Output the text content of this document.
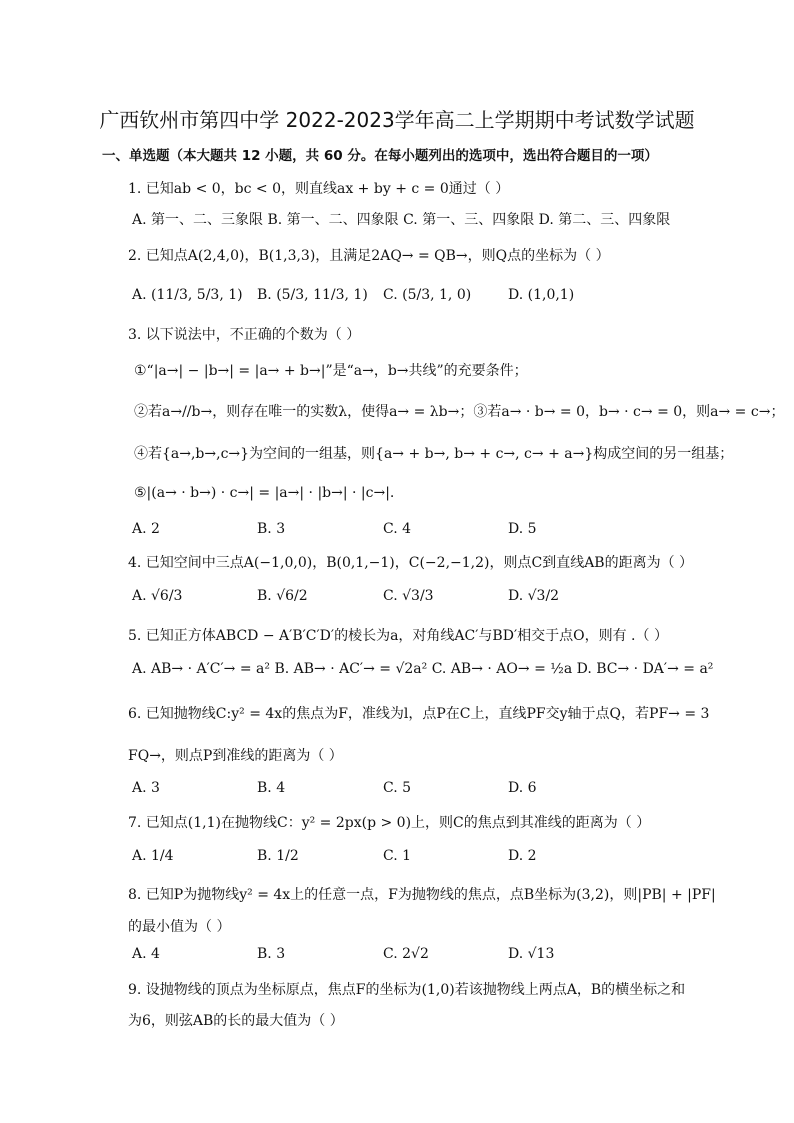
广西钦州市第四中学 2022-2023学年高二上学期期中考试数学试题
一、单选题（本大题共 12 小题，共 60 分。在每小题列出的选项中，选出符合题目的一项）
1. 已知ab < 0，bc < 0，则直线ax + by + c = 0通过（ ）
A. 第一、二、三象限 B. 第一、二、四象限 C. 第一、三、四象限 D. 第二、三、四象限
2. 已知点A(2,4,0)，B(1,3,3)，且满足2AQ→ = QB→，则Q点的坐标为（ ）
A. (11/3, 5/3, 1) B. (5/3, 11/3, 1) C. (5/3, 1, 0)	D. (1,0,1)
3. 以下说法中，不正确的个数为（ ）
①“|a→| − |b→| = |a→ + b→|”是“a→，b→共线”的充要条件；
②若a→//b→，则存在唯一的实数λ，使得a→ = λb→；③若a→ · b→ = 0，b→ · c→ = 0，则a→ = c→；
④若{a→,b→,c→}为空间的一组基，则{a→ + b→, b→ + c→, c→ + a→}构成空间的另一组基；
⑤|(a→ · b→) · c→| = |a→| · |b→| · |c→|.
A. 2	B. 3	C. 4	D. 5
4. 已知空间中三点A(−1,0,0)，B(0,1,−1)，C(−2,−1,2)，则点C到直线AB的距离为（ ）
A. √6/3	B. √6/2	C. √3/3	D. √3/2
5. 已知正方体ABCD − A′B′C′D′的棱长为a，对角线AC′与BD′相交于点O，则有 .（ ）
A. AB→ · A′C′→ = a² B. AB→ · AC′→ = √2a² C. AB→ · AO→ = ½a D. BC→ · DA′→ = a²
6. 已知抛物线C:y² = 4x的焦点为F，准线为l，点P在C上，直线PF交y轴于点Q，若PF→ = 3
FQ→，则点P到准线的距离为（ ）
A. 3	B. 4	C. 5	D. 6
7. 已知点(1,1)在抛物线C：y² = 2px(p > 0)上，则C的焦点到其准线的距离为（ ）
A. 1/4	B. 1/2	C. 1	D. 2
8. 已知P为抛物线y² = 4x上的任意一点，F为抛物线的焦点，点B坐标为(3,2)，则|PB| + |PF|
的最小值为（ ）
A. 4	B. 3	C. 2√2	D. √13
9. 设抛物线的顶点为坐标原点，焦点F的坐标为(1,0)若该抛物线上两点A，B的横坐标之和
为6，则弦AB的长的最大值为（ ）
